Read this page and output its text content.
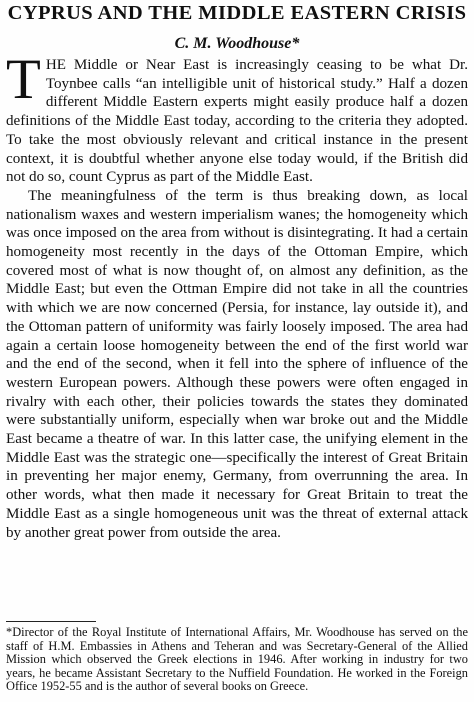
CYPRUS AND THE MIDDLE EASTERN CRISIS
C. M. Woodhouse*

THE Middle or Near East is increasingly ceasing to be what Dr. Toynbee calls “an intelligible unit of historical study.” Half a dozen different Middle Eastern experts might easily produce half a dozen definitions of the Middle East today, according to the criteria they adopted. To take the most obviously relevant and critical instance in the present context, it is doubtful whether anyone else today would, if the British did not do so, count Cyprus as part of the Middle East.

The meaningfulness of the term is thus breaking down, as local nationalism waxes and western imperialism wanes; the homogeneity which was once imposed on the area from without is disintegrating. It had a certain homogeneity most recently in the days of the Ottoman Empire, which covered most of what is now thought of, on almost any definition, as the Middle East; but even the Ottman Empire did not take in all the countries with which we are now concerned (Persia, for instance, lay outside it), and the Ottoman pattern of uniformity was fairly loosely imposed. The area had again a certain loose homogeneity between the end of the first world war and the end of the second, when it fell into the sphere of influence of the western European powers. Although these powers were often engaged in rivalry with each other, their policies towards the states they dominated were substantially uniform, especially when war broke out and the Middle East became a theatre of war. In this latter case, the unifying element in the Middle East was the strategic one—specifically the interest of Great Britain in preventing her major enemy, Germany, from overrunning the area. In other words, what then made it necessary for Great Britain to treat the Middle East as a single homogeneous unit was the threat of external attack by another great power from outside the area.

*Director of the Royal Institute of International Affairs, Mr. Woodhouse has served on the staff of H.M. Embassies in Athens and Teheran and was Secretary-General of the Allied Mission which observed the Greek elections in 1946. After working in industry for two years, he became Assistant Secretary to the Nuffield Foundation. He worked in the Foreign Office 1952-55 and is the author of several books on Greece.
